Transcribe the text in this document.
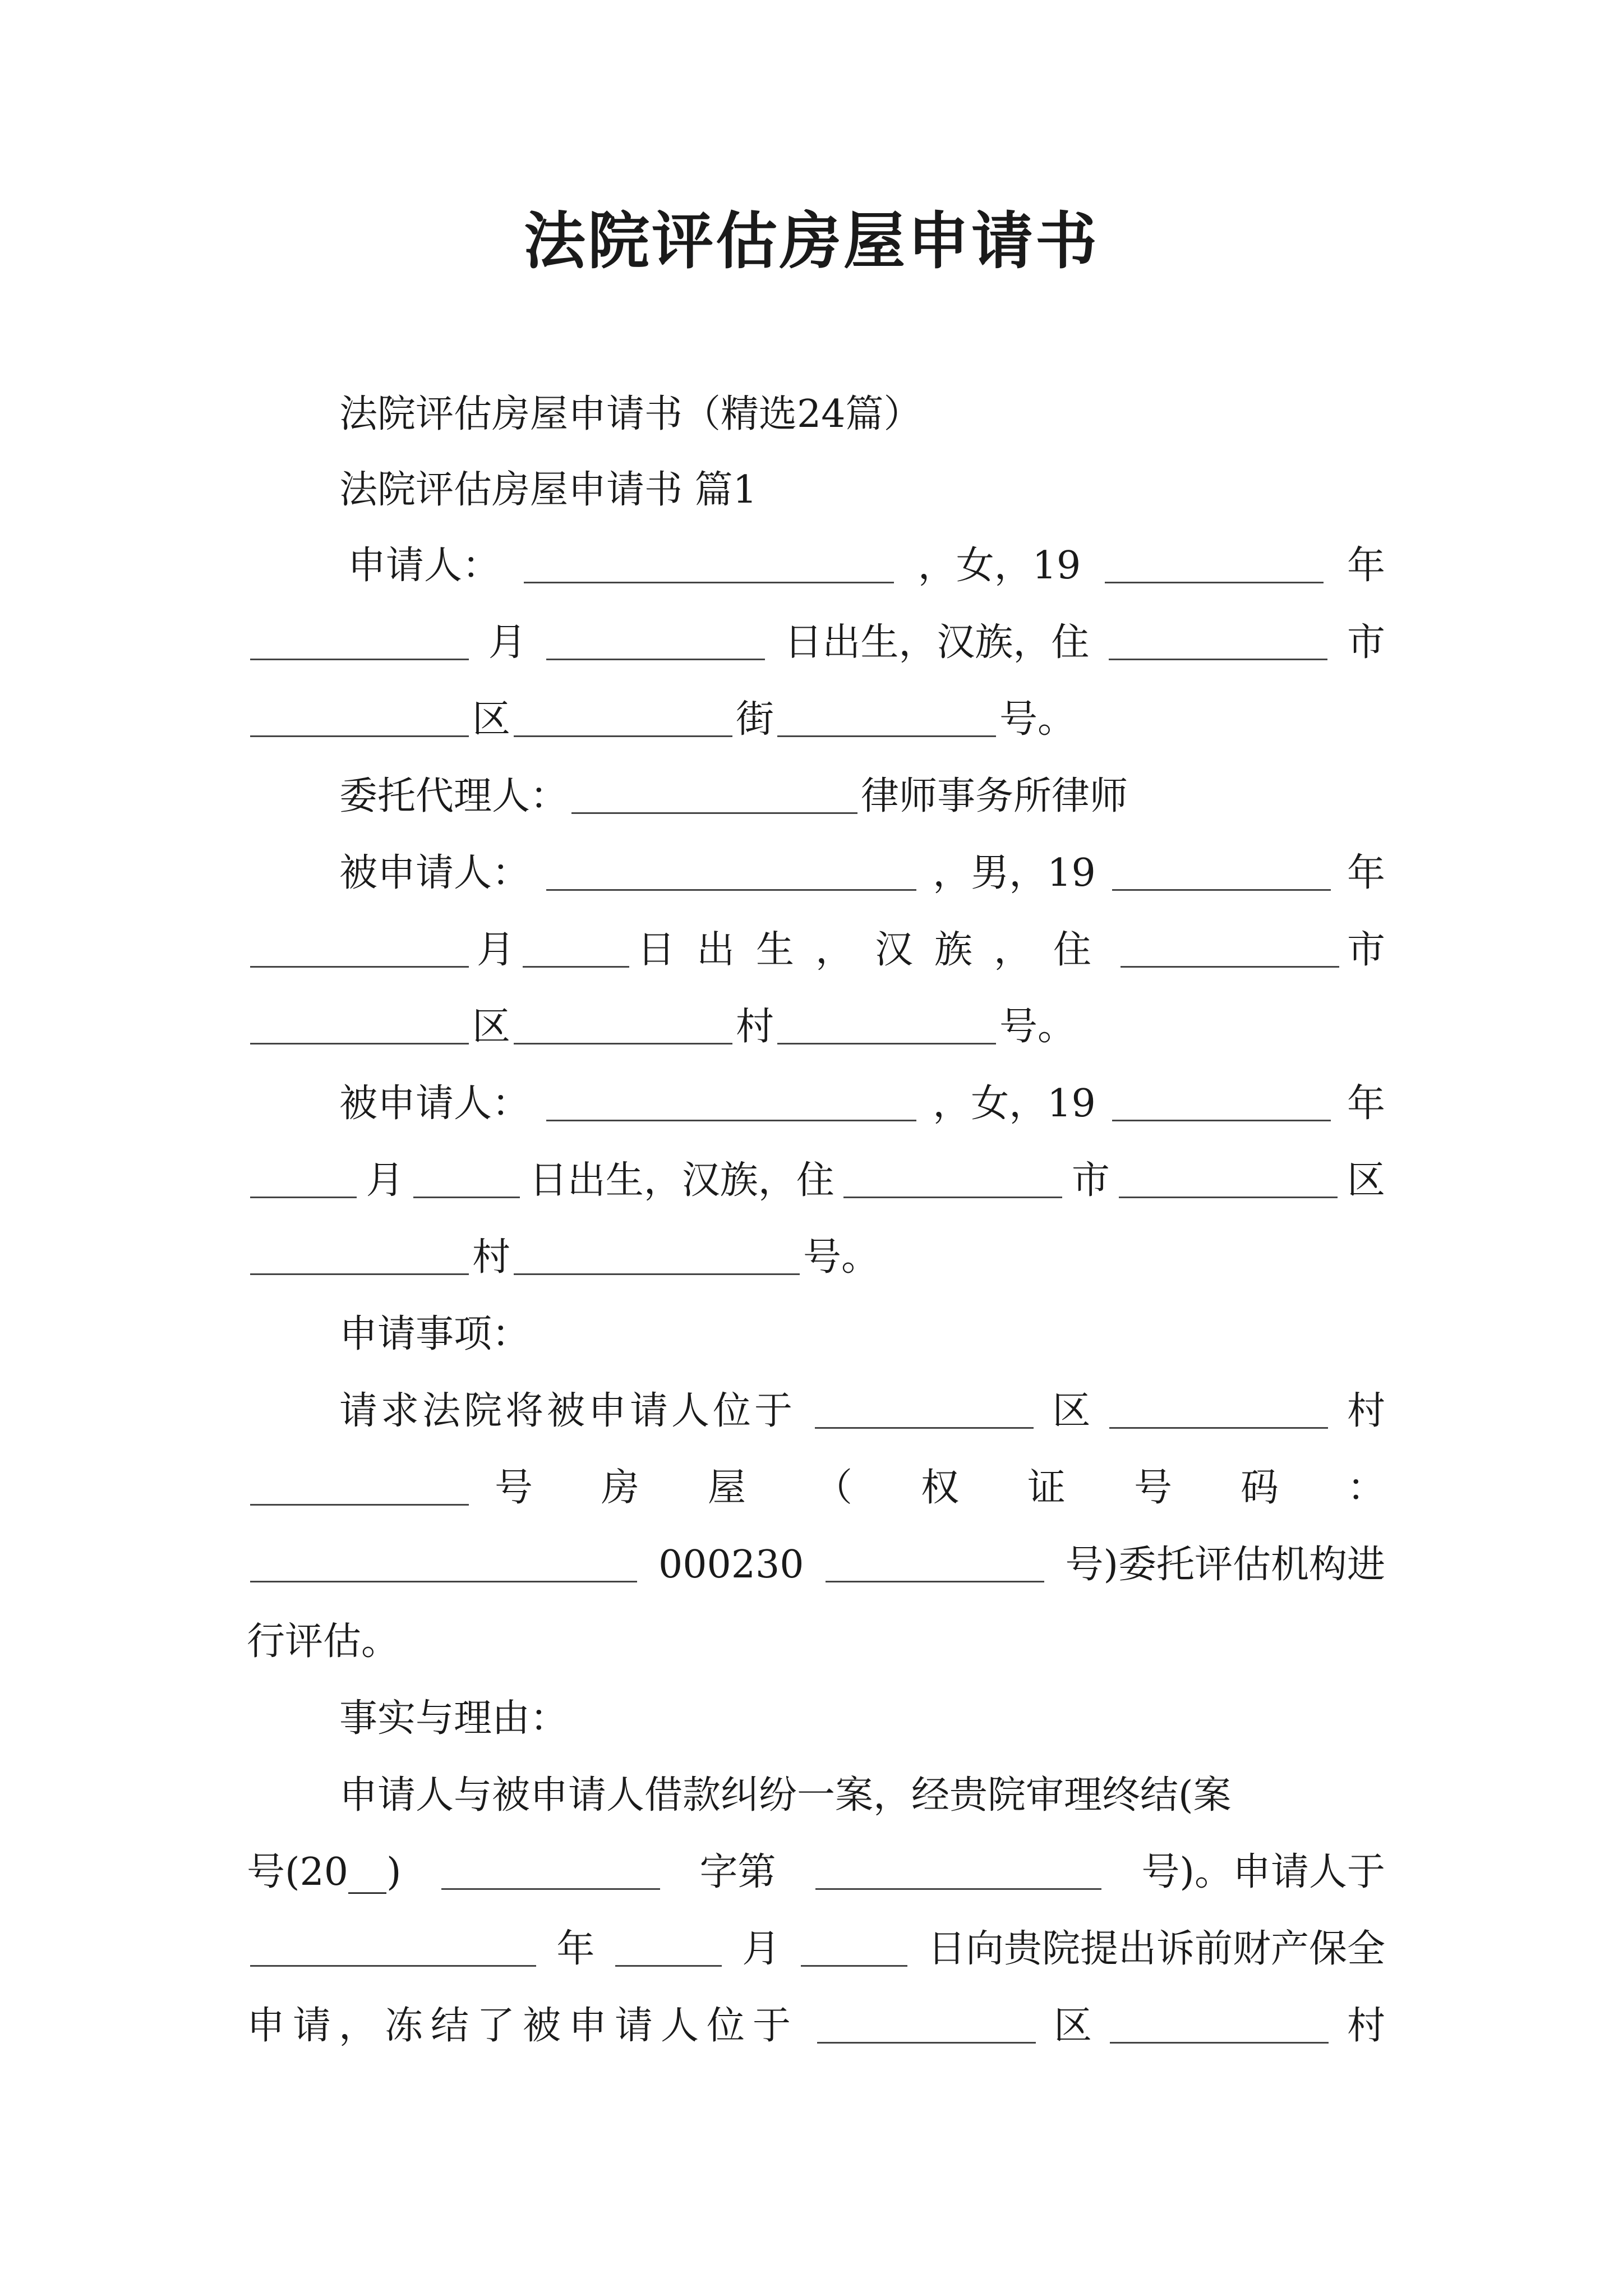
法院评估房屋申请书
法院评估房屋申请书（精选24篇）
法院评估房屋申请书 篇1
申请人：	，女，19	年
月	日出生，汉族，住	市
区	街	号。
委托代理人：	律师事务所律师
被申请人：	，男，19	年
月	日出生，汉族，住	市
区	村	号。
被申请人：	，女，19	年
月	日出生，汉族，住	市	区
村	号。
申请事项：
请求法院将被申请人位于	区	村
号房屋（权证号码：
000230	号)委托评估机构进
行评估。
事实与理由：
申请人与被申请人借款纠纷一案，经贵院审理终结(案
号(20__)	字第	号)。申请人于
年	月	日向贵院提出诉前财产保全
申请，冻结了被申请人位于	区	村
